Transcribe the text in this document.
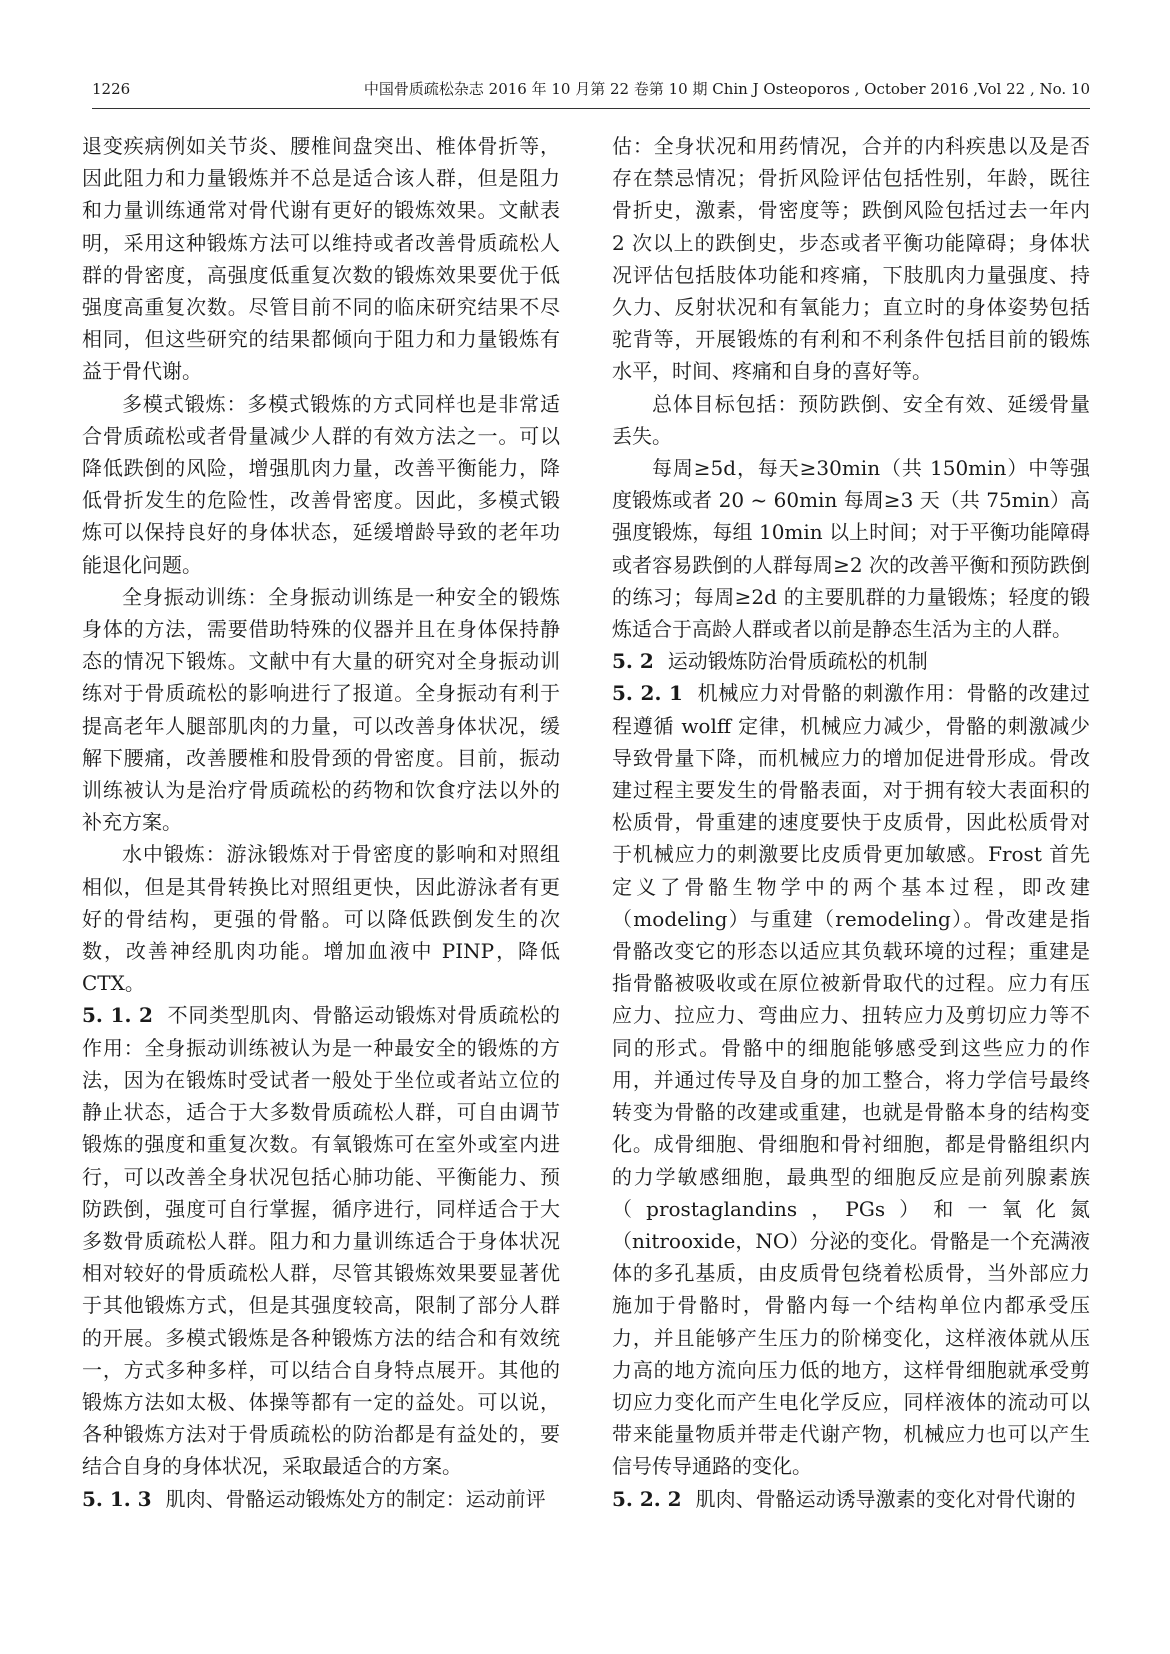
1226	中国骨质疏松杂志 2016 年 10 月第 22 卷第 10 期 Chin J Osteoporos , October 2016 ,Vol 22 , No. 10

退变疾病例如关节炎、腰椎间盘突出、椎体骨折等，因此阻力和力量锻炼并不总是适合该人群，但是阻力和力量训练通常对骨代谢有更好的锻炼效果。文献表明，采用这种锻炼方法可以维持或者改善骨质疏松人群的骨密度，高强度低重复次数的锻炼效果要优于低强度高重复次数。尽管目前不同的临床研究结果不尽相同，但这些研究的结果都倾向于阻力和力量锻炼有益于骨代谢。

多模式锻炼：多模式锻炼的方式同样也是非常适合骨质疏松或者骨量减少人群的有效方法之一。可以降低跌倒的风险，增强肌肉力量，改善平衡能力，降低骨折发生的危险性，改善骨密度。因此，多模式锻炼可以保持良好的身体状态，延缓增龄导致的老年功能退化问题。

全身振动训练：全身振动训练是一种安全的锻炼身体的方法，需要借助特殊的仪器并且在身体保持静态的情况下锻炼。文献中有大量的研究对全身振动训练对于骨质疏松的影响进行了报道。全身振动有利于提高老年人腿部肌肉的力量，可以改善身体状况，缓解下腰痛，改善腰椎和股骨颈的骨密度。目前，振动训练被认为是治疗骨质疏松的药物和饮食疗法以外的补充方案。

水中锻炼：游泳锻炼对于骨密度的影响和对照组相似，但是其骨转换比对照组更快，因此游泳者有更好的骨结构，更强的骨骼。可以降低跌倒发生的次数，改善神经肌肉功能。增加血液中 PINP，降低 CTX。

5. 1. 2 不同类型肌肉、骨骼运动锻炼对骨质疏松的作用：全身振动训练被认为是一种最安全的锻炼的方法，因为在锻炼时受试者一般处于坐位或者站立位的静止状态，适合于大多数骨质疏松人群，可自由调节锻炼的强度和重复次数。有氧锻炼可在室外或室内进行，可以改善全身状况包括心肺功能、平衡能力、预防跌倒，强度可自行掌握，循序进行，同样适合于大多数骨质疏松人群。阻力和力量训练适合于身体状况相对较好的骨质疏松人群，尽管其锻炼效果要显著优于其他锻炼方式，但是其强度较高，限制了部分人群的开展。多模式锻炼是各种锻炼方法的结合和有效统一，方式多种多样，可以结合自身特点展开。其他的锻炼方法如太极、体操等都有一定的益处。可以说，各种锻炼方法对于骨质疏松的防治都是有益处的，要结合自身的身体状况，采取最适合的方案。

5. 1. 3 肌肉、骨骼运动锻炼处方的制定：运动前评

估：全身状况和用药情况，合并的内科疾患以及是否存在禁忌情况；骨折风险评估包括性别，年龄，既往骨折史，激素，骨密度等；跌倒风险包括过去一年内 2 次以上的跌倒史，步态或者平衡功能障碍；身体状况评估包括肢体功能和疼痛，下肢肌肉力量强度、持久力、反射状况和有氧能力；直立时的身体姿势包括驼背等，开展锻炼的有利和不利条件包括目前的锻炼水平，时间、疼痛和自身的喜好等。

总体目标包括：预防跌倒、安全有效、延缓骨量丢失。

每周≥5d，每天≥30min（共 150min）中等强度锻炼或者 20 ~ 60min 每周≥3 天（共 75min）高强度锻炼，每组 10min 以上时间；对于平衡功能障碍或者容易跌倒的人群每周≥2 次的改善平衡和预防跌倒的练习；每周≥2d 的主要肌群的力量锻炼；轻度的锻炼适合于高龄人群或者以前是静态生活为主的人群。

5. 2 运动锻炼防治骨质疏松的机制

5. 2. 1 机械应力对骨骼的刺激作用：骨骼的改建过程遵循 wolff 定律，机械应力减少，骨骼的刺激减少导致骨量下降，而机械应力的增加促进骨形成。骨改建过程主要发生的骨骼表面，对于拥有较大表面积的松质骨，骨重建的速度要快于皮质骨，因此松质骨对于机械应力的刺激要比皮质骨更加敏感。Frost 首先定义了骨骼生物学中的两个基本过程，即改建（modeling）与重建（remodeling）。骨改建是指骨骼改变它的形态以适应其负载环境的过程；重建是指骨骼被吸收或在原位被新骨取代的过程。应力有压应力、拉应力、弯曲应力、扭转应力及剪切应力等不同的形式。骨骼中的细胞能够感受到这些应力的作用，并通过传导及自身的加工整合，将力学信号最终转变为骨骼的改建或重建，也就是骨骼本身的结构变化。成骨细胞、骨细胞和骨衬细胞，都是骨骼组织内的力学敏感细胞，最典型的细胞反应是前列腺素族（prostaglandins，PGs）和一氧化氮（nitrooxide，NO）分泌的变化。骨骼是一个充满液体的多孔基质，由皮质骨包绕着松质骨，当外部应力施加于骨骼时，骨骼内每一个结构单位内都承受压力，并且能够产生压力的阶梯变化，这样液体就从压力高的地方流向压力低的地方，这样骨细胞就承受剪切应力变化而产生电化学反应，同样液体的流动可以带来能量物质并带走代谢产物，机械应力也可以产生信号传导通路的变化。

5. 2. 2 肌肉、骨骼运动诱导激素的变化对骨代谢的
